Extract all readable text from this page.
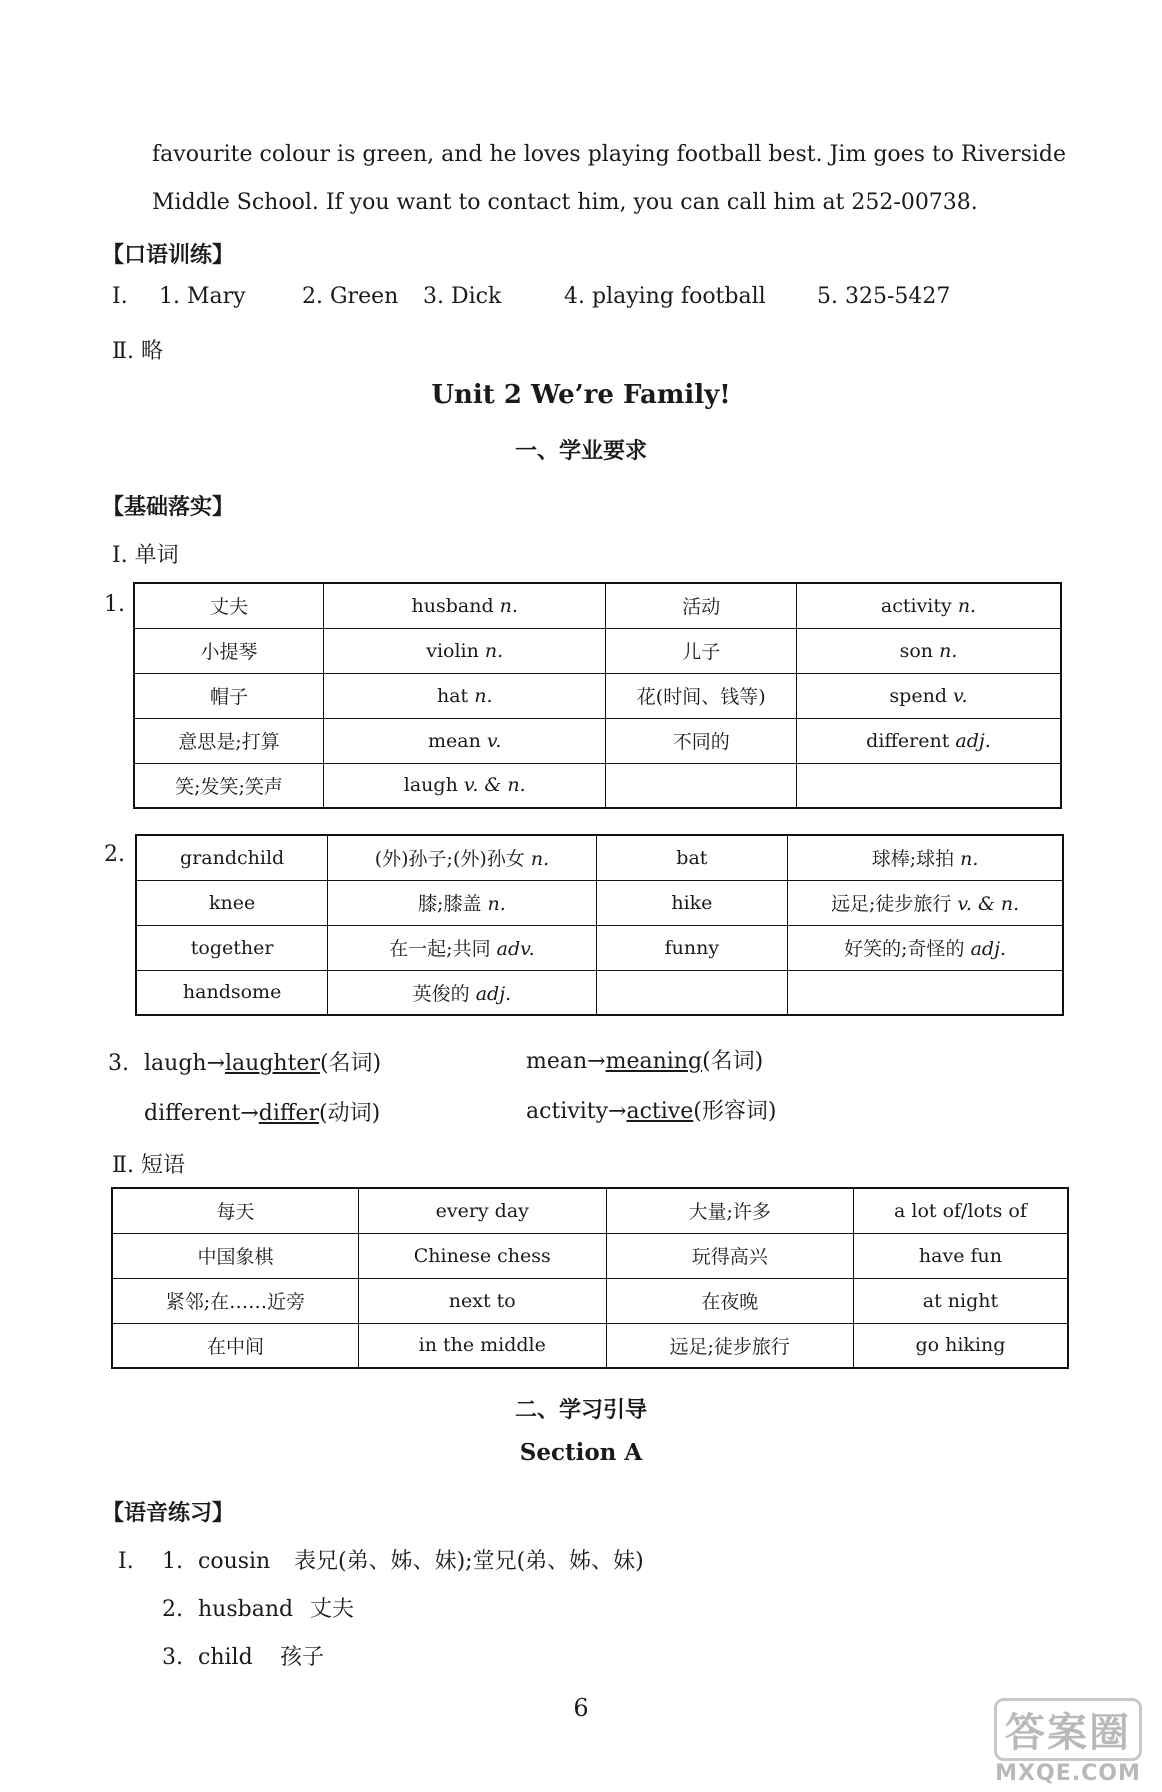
favourite colour is green, and he loves playing football best. Jim goes to Riverside
Middle School. If you want to contact him, you can call him at 252-00738.
【口语训练】
Ⅰ. 1. Mary	2. Green 3. Dick	4. playing football 5. 325-5427
Ⅱ. 略
Unit 2 We’re Family!
一、学业要求
【基础落实】
Ⅰ. 单词
1.	丈夫	husband n.	活动	activity n.
小提琴	violin n.	儿子	son n.
帽子	hat n.	花(时间、钱等)	spend v.
意思是;打算	mean v.	不同的	different adj.
笑;发笑;笑声	laugh v. & n.		
2.	grandchild	(外)孙子;(外)孙女 n.	bat	球棒;球拍 n.
knee	膝;膝盖 n.	hike	远足;徒步旅行 v. & n.
together	在一起;共同 adv.	funny	好笑的;奇怪的 adj.
handsome	英俊的 adj.		
3. laugh→laughter(名词)	mean→meaning(名词)
different→differ(动词)	activity→active(形容词)
Ⅱ. 短语
每天	every day	大量;许多	a lot of/lots of
中国象棋	Chinese chess	玩得高兴	have fun
紧邻;在……近旁	next to	在夜晚	at night
在中间	in the middle	远足;徒步旅行	go hiking
二、学习引导
Section A
【语音练习】
Ⅰ. 1. cousin 表兄(弟、姊、妹);堂兄(弟、姊、妹)
2. husband 丈夫
3. child 孩子
6
答案圈
MXQE.COM
